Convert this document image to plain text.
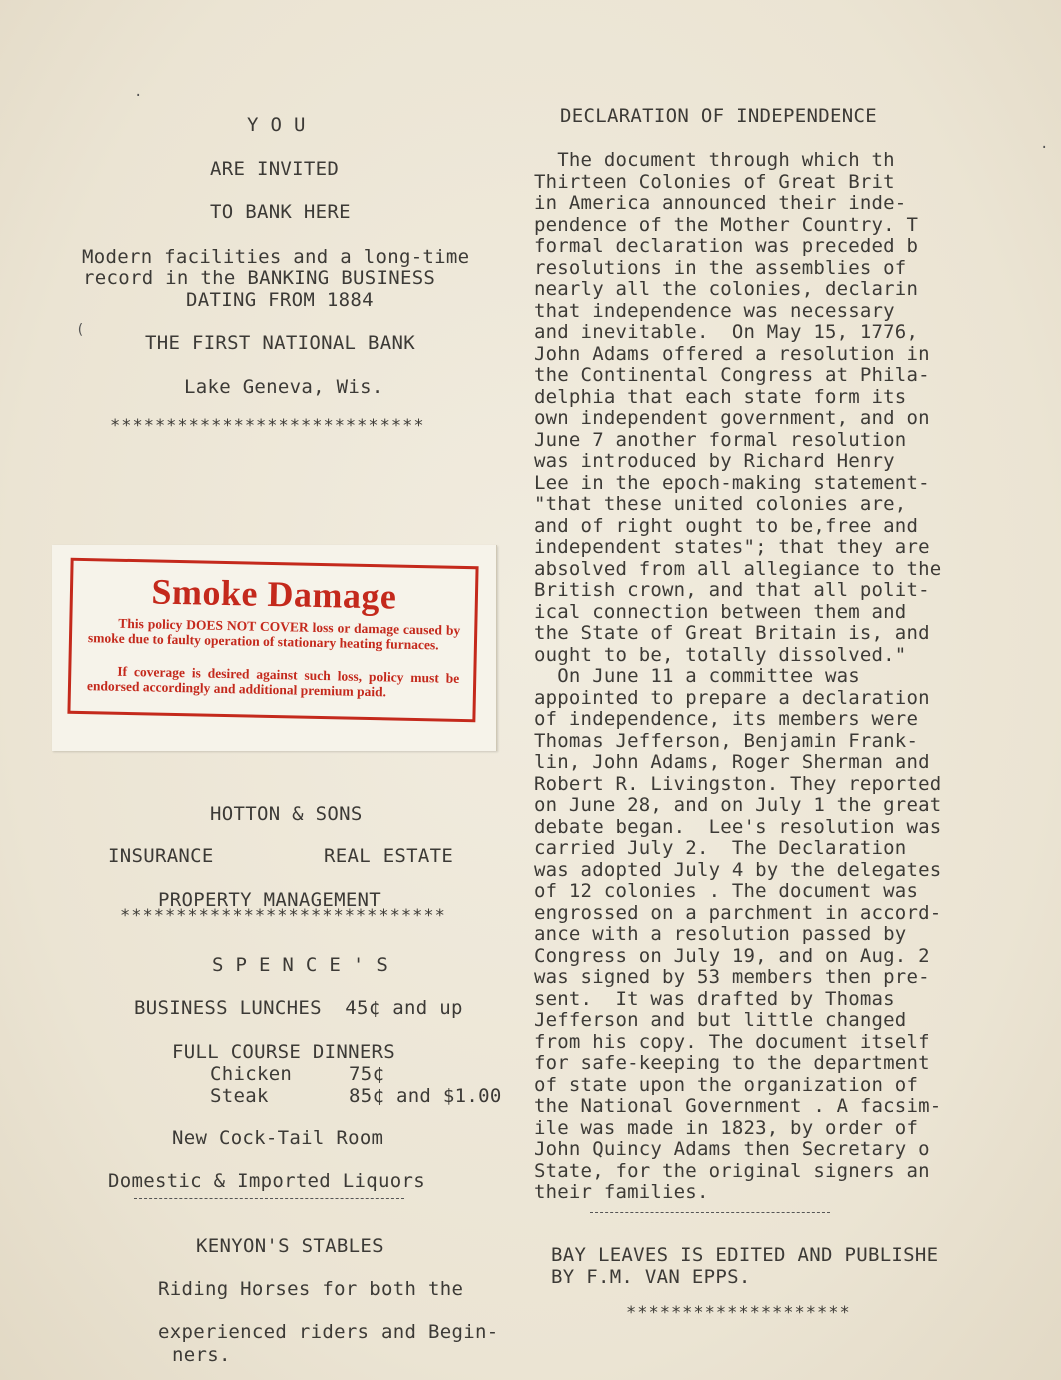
Y O U
ARE INVITED
TO BANK HERE
Modern facilities and a long-time
record in the BANKING BUSINESS
DATING FROM 1884
THE FIRST NATIONAL BANK
Lake Geneva, Wis.
****************************
Smoke Damage
This policy DOES NOT COVER loss or damage caused by smoke due to faulty operation of stationary heating furnaces.
If coverage is desired against such loss, policy must be endorsed accordingly and additional premium paid.
HOTTON & SONS
INSURANCE	REAL ESTATE
PROPERTY MANAGEMENT
*****************************
S P E N C E ' S
BUSINESS LUNCHES  45¢ and up
FULL COURSE DINNERS
Chicken	75¢
Steak	85¢ and $1.00
New Cock-Tail Room
Domestic & Imported Liquors
KENYON'S STABLES
Riding Horses for both the
experienced riders and Begin-
ners.
DECLARATION OF INDEPENDENCE
The document through which th
Thirteen Colonies of Great Brit
in America announced their inde-
pendence of the Mother Country. T
formal declaration was preceded b
resolutions in the assemblies of
nearly all the colonies, declarin
that independence was necessary
and inevitable.  On May 15, 1776,
John Adams offered a resolution in
the Continental Congress at Phila-
delphia that each state form its
own independent government, and on
June 7 another formal resolution
was introduced by Richard Henry
Lee in the epoch-making statement-
"that these united colonies are,
and of right ought to be,free and
independent states"; that they are
absolved from all allegiance to the
British crown, and that all polit-
ical connection between them and
the State of Great Britain is, and
ought to be, totally dissolved."
On June 11 a committee was
appointed to prepare a declaration
of independence, its members were
Thomas Jefferson, Benjamin Frank-
lin, John Adams, Roger Sherman and
Robert R. Livingston. They reported
on June 28, and on July 1 the great
debate began.  Lee's resolution was
carried July 2.  The Declaration
was adopted July 4 by the delegates
of 12 colonies . The document was
engrossed on a parchment in accord-
ance with a resolution passed by
Congress on July 19, and on Aug. 2
was signed by 53 members then pre-
sent.  It was drafted by Thomas
Jefferson and but little changed
from his copy. The document itself
for safe-keeping to the department
of state upon the organization of
the National Government . A facsim-
ile was made in 1823, by order of
John Quincy Adams then Secretary o
State, for the original signers an
their families.
BAY LEAVES IS EDITED AND PUBLISHE
BY F.M. VAN EPPS.
********************
·
(
·
